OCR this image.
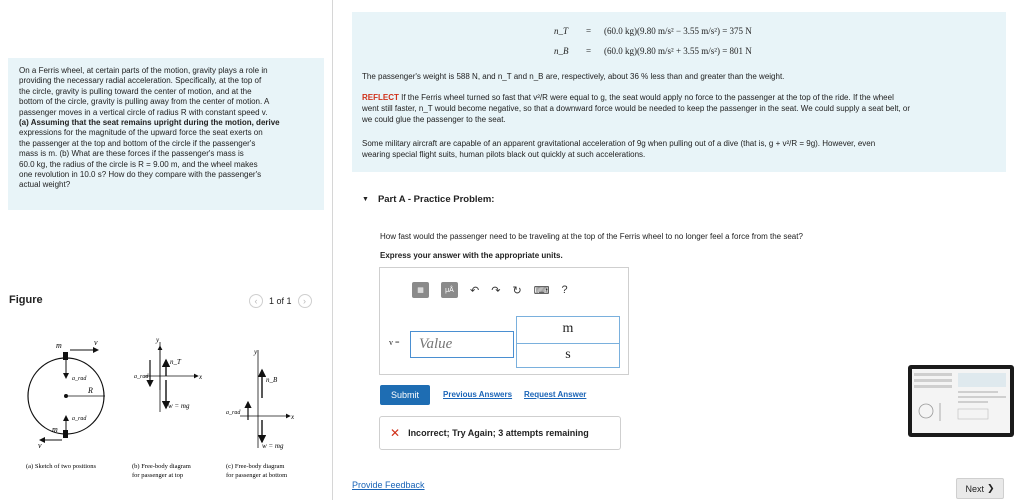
On a Ferris wheel, at certain parts of the motion, gravity plays a role in
providing the necessary radial acceleration. Specifically, at the top of
the circle, gravity is pulling toward the center of motion, and at the
bottom of the circle, gravity is pulling away from the center of motion. A
passenger moves in a vertical circle of radius R with constant speed v.
(a) Assuming that the seat remains upright during the motion, derive
expressions for the magnitude of the upward force the seat exerts on
the passenger at the top and bottom of the circle if the passenger's
mass is m. (b) What are these forces if the passenger's mass is
60.0 kg, the radius of the circle is R = 9.00 m, and the wheel makes
one revolution in 10.0 s? How do they compare with the passenger's
actual weight?
Figure	‹	1 of 1	›
m	v
a_rad
R
a_rad
m
v
y
x
n_T
a_rad
w = mg
y
x
n_B
a_rad
w = mg
(a) Sketch of two positions	(b) Free-body diagram
for passenger at top
(c) Free-body diagram
for passenger at bottom
n_T = (60.0 kg)(9.80 m/s² − 3.55 m/s²) = 375 N
n_B = (60.0 kg)(9.80 m/s² + 3.55 m/s²) = 801 N
The passenger's weight is 588 N, and n_T and n_B are, respectively, about 36 % less than and greater than the weight.
REFLECT If the Ferris wheel turned so fast that v²/R were equal to g, the seat would apply no force to the passenger at the top of the ride. If the wheel
went still faster, n_T would become negative, so that a downward force would be needed to keep the passenger in the seat. We could supply a seat belt, or
we could glue the passenger to the seat.
Some military aircraft are capable of an apparent gravitational acceleration of 9g when pulling out of a dive (that is, g + v²/R = 9g). However, even
wearing special flight suits, human pilots black out quickly at such accelerations.
▼ Part A - Practice Problem:
How fast would the passenger need to be traveling at the top of the Ferris wheel to no longer feel a force from the seat?
Express your answer with the appropriate units.
▦	μÅ	↶ ↷ ↻ ⌨ ?
v =
Value
m
s
Submit	Previous Answers Request Answer
✕ Incorrect; Try Again; 3 attempts remaining
Provide Feedback	Next ❯
